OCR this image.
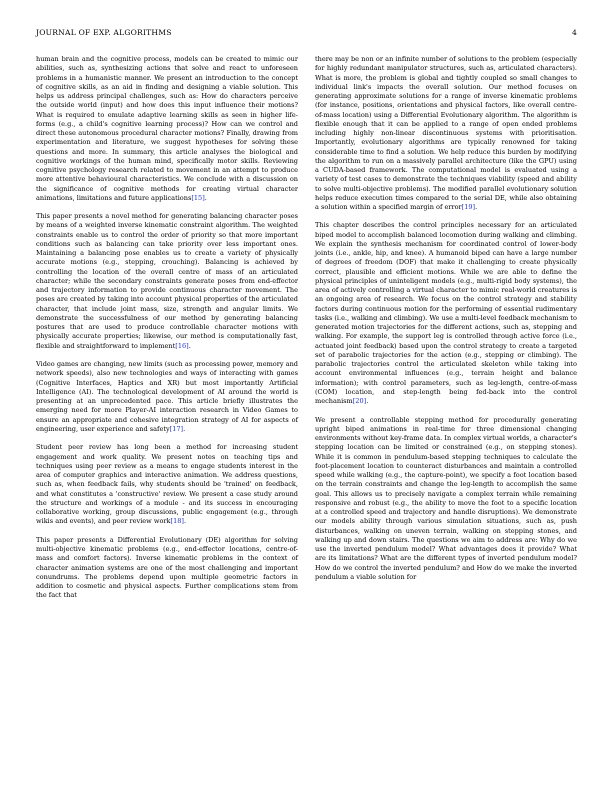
JOURNAL OF EXP. ALGORITHMS	4

human brain and the cognitive process, models can be created to mimic our abilities, such as, synthesizing actions that solve and react to unforeseen problems in a humanistic manner. We present an introduction to the concept of cognitive skills, as an aid in finding and designing a viable solution. This helps us address principal challenges, such as: How do characters perceive the outside world (input) and how does this input influence their motions? What is required to emulate adaptive learning skills as seen in higher life-forms (e.g., a child's cognitive learning process)? How can we control and direct these autonomous procedural character motions? Finally, drawing from experimentation and literature, we suggest hypotheses for solving these questions and more. In summary, this article analyses the biological and cognitive workings of the human mind, specifically motor skills. Reviewing cognitive psychology research related to movement in an attempt to produce more attentive behavioural characteristics. We conclude with a discussion on the significance of cognitive methods for creating virtual character animations, limitations and future applications[15].

This paper presents a novel method for generating balancing character poses by means of a weighted inverse kinematic constraint algorithm. The weighted constraints enable us to control the order of priority so that more important conditions such as balancing can take priority over less important ones. Maintaining a balancing pose enables us to create a variety of physically accurate motions (e.g., stepping, crouching). Balancing is achieved by controlling the location of the overall centre of mass of an articulated character; while the secondary constraints generate poses from end-effector and trajectory information to provide continuous character movement. The poses are created by taking into account physical properties of the articulated character, that include joint mass, size, strength and angular limits. We demonstrate the successfulness of our method by generating balancing postures that are used to produce controllable character motions with physically accurate properties; likewise, our method is computationally fast, flexible and straightforward to implement[16].

Video games are changing, new limits (such as processing power, memory and network speeds), also new technologies and ways of interacting with games (Cognitive Interfaces, Haptics and XR) but most importantly Artificial Intelligence (AI). The technological development of AI around the world is presenting at an unprecedented pace. This article briefly illustrates the emerging need for more Player-AI interaction research in Video Games to ensure an appropriate and cohesive integration strategy of AI for aspects of engineering, user experience and safety[17].

Student peer review has long been a method for increasing student engagement and work quality. We present notes on teaching tips and techniques using peer review as a means to engage students interest in the area of computer graphics and interactive animation. We address questions, such as, when feedback fails, why students should be 'trained' on feedback, and what constitutes a 'constructive' review. We present a case study around the structure and workings of a module - and its success in encouraging collaborative working, group discussions, public engagement (e.g., through wikis and events), and peer review work[18].

This paper presents a Differential Evolutionary (DE) algorithm for solving multi-objective kinematic problems (e.g., end-effector locations, centre-of-mass and comfort factors). Inverse kinematic problems in the context of character animation systems are one of the most challenging and important conundrums. The problems depend upon multiple geometric factors in addition to cosmetic and physical aspects. Further complications stem from the fact that

there may be non or an infinite number of solutions to the problem (especially for highly redundant manipulator structures, such as, articulated characters). What is more, the problem is global and tightly coupled so small changes to individual link's impacts the overall solution. Our method focuses on generating approximate solutions for a range of inverse kinematic problems (for instance, positions, orientations and physical factors, like overall centre-of-mass location) using a Differential Evolutionary algorithm. The algorithm is flexible enough that it can be applied to a range of open ended problems including highly non-linear discontinuous systems with prioritisation. Importantly, evolutionary algorithms are typically renowned for taking considerable time to find a solution. We help reduce this burden by modifying the algorithm to run on a massively parallel architecture (like the GPU) using a CUDA-based framework. The computational model is evaluated using a variety of test cases to demonstrate the techniques viability (speed and ability to solve multi-objective problems). The modified parallel evolutionary solution helps reduce execution times compared to the serial DE, while also obtaining a solution within a specified margin of error[19].

This chapter describes the control principles necessary for an articulated biped model to accomplish balanced locomotion during walking and climbing. We explain the synthesis mechanism for coordinated control of lower-body joints (i.e., ankle, hip, and knee). A humanoid biped can have a large number of degrees of freedom (DOF) that make it challenging to create physically correct, plausible and efficient motions. While we are able to define the physical principles of uninteligent models (e.g., multi-rigid body systems), the area of actively controlling a virtual character to mimic real-world creatures is an ongoing area of research. We focus on the control strategy and stability factors during continuous motion for the performing of essential rudimentary tasks (i.e., walking and climbing). We use a multi-level feedback mechanism to generated motion trajectories for the different actions, such as, stepping and walking. For example, the support leg is controlled through active force (i.e., actuated joint feedback) based upon the control strategy to create a targeted set of parabolic trajectories for the action (e.g., stepping or climbing). The parabolic trajectories control the articulated skeleton while taking into account environmental influences (e.g., terrain height and balance information); with control parameters, such as leg-length, centre-of-mass (COM) location, and step-length being fed-back into the control mechanism[20].

We present a controllable stepping method for procedurally generating upright biped animations in real-time for three dimensional changing environments without key-frame data. In complex virtual worlds, a character's stepping location can be limited or constrained (e.g., on stepping stones). While it is common in pendulum-based stepping techniques to calculate the foot-placement location to counteract disturbances and maintain a controlled speed while walking (e.g., the capture-point), we specify a foot location based on the terrain constraints and change the leg-length to accomplish the same goal. This allows us to precisely navigate a complex terrain while remaining responsive and robust (e.g., the ability to move the foot to a specific location at a controlled speed and trajectory and handle disruptions). We demonstrate our models ability through various simulation situations, such as, push disturbances, walking on uneven terrain, walking on stepping stones, and walking up and down stairs. The questions we aim to address are: Why do we use the inverted pendulum model? What advantages does it provide? What are its limitations? What are the different types of inverted pendulum model? How do we control the inverted pendulum? and How do we make the inverted pendulum a viable solution for
